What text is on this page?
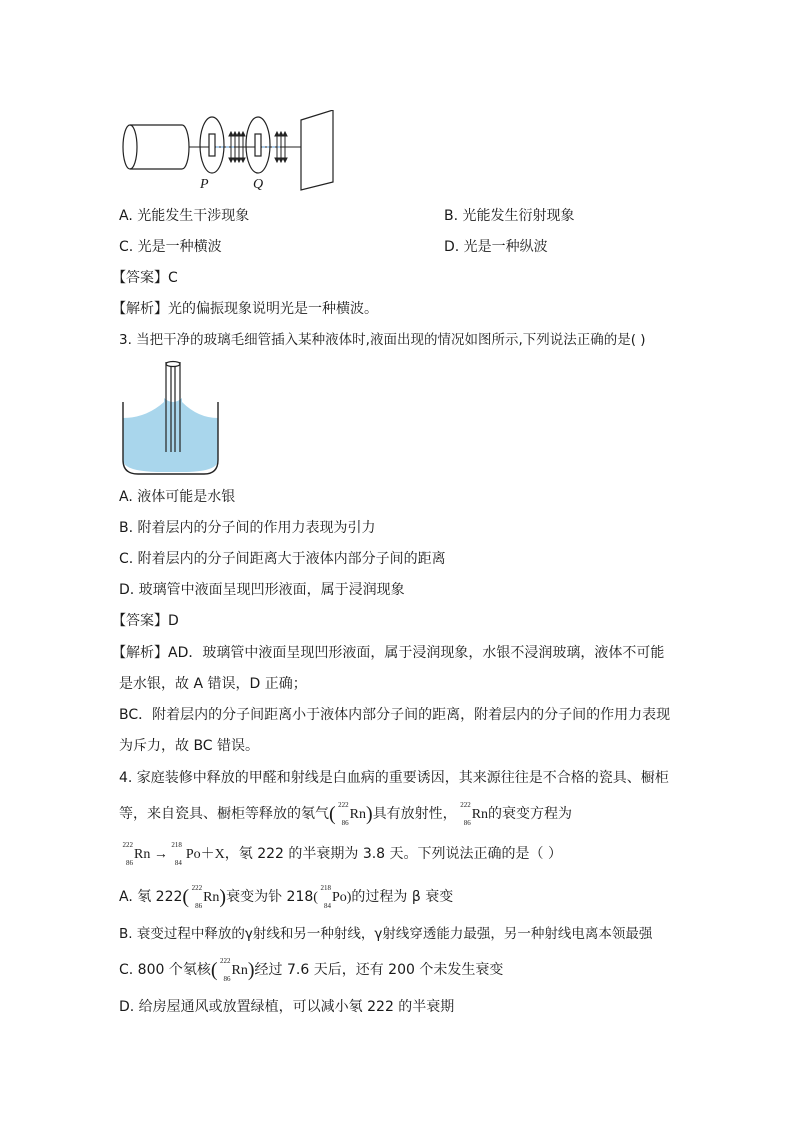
P	Q
A. 光能发生干涉现象	B. 光能发生衍射现象
C. 光是一种横波	D. 光是一种纵波
【答案】C
【解析】光的偏振现象说明光是一种横波。
3. 当把干净的玻璃毛细管插入某种液体时,液面出现的情况如图所示,下列说法正确的是( )
A. 液体可能是水银
B. 附着层内的分子间的作用力表现为引力
C. 附着层内的分子间距离大于液体内部分子间的距离
D. 玻璃管中液面呈现凹形液面，属于浸润现象
【答案】D
【解析】AD．玻璃管中液面呈现凹形液面，属于浸润现象，水银不浸润玻璃，液体不可能
是水银，故 A 错误，D 正确；
BC．附着层内的分子间距离小于液体内部分子间的距离，附着层内的分子间的作用力表现
为斥力，故 BC 错误。
4. 家庭装修中释放的甲醛和射线是白血病的重要诱因，其来源往往是不合格的瓷具、橱柜
等，来自瓷具、橱柜等释放的氡气( 222
86
Rn)具有放射性，
222
86
Rn的衰变方程为
222
86
Rn →
218
84
Po＋X，氡 222 的半衰期为 3.8 天。下列说法正确的是（ ）
A. 氡 222( 222
86
Rn)衰变为钋 218(
218
84
Po)的过程为 β 衰变
B. 衰变过程中释放的γ射线和另一种射线，γ射线穿透能力最强，另一种射线电离本领最强
C. 800 个氡核( 222
86
Rn)经过 7.6 天后，还有 200 个未发生衰变
D. 给房屋通风或放置绿植，可以减小氡 222 的半衰期
